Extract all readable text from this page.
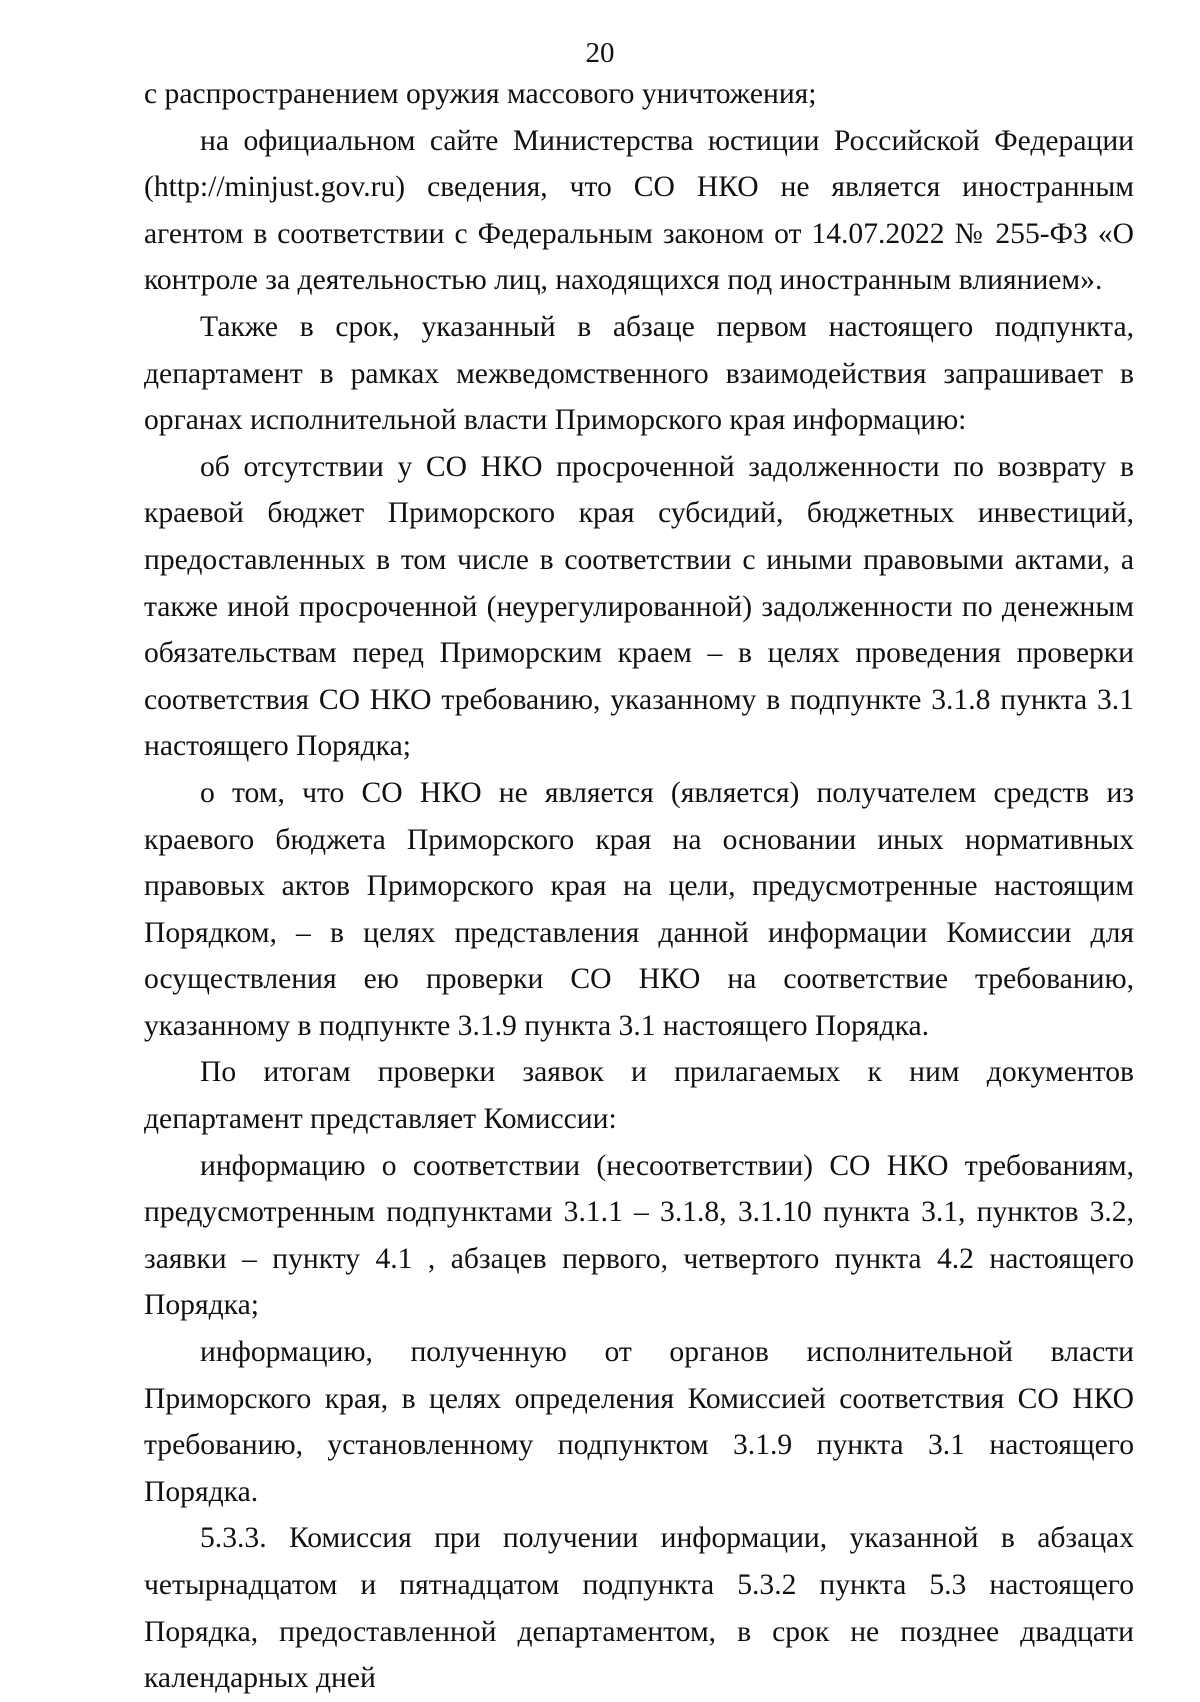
20

с распространением оружия массового уничтожения;

на официальном сайте Министерства юстиции Российской Федерации (http://minjust.gov.ru) сведения, что СО НКО не является иностранным агентом в соответствии с Федеральным законом от 14.07.2022 № 255-ФЗ «О контроле за деятельностью лиц, находящихся под иностранным влиянием».

Также в срок, указанный в абзаце первом настоящего подпункта, департамент в рамках межведомственного взаимодействия запрашивает в органах исполнительной власти Приморского края информацию:

об отсутствии у СО НКО просроченной задолженности по возврату в краевой бюджет Приморского края субсидий, бюджетных инвестиций, предоставленных в том числе в соответствии с иными правовыми актами, а также иной просроченной (неурегулированной) задолженности по денежным обязательствам перед Приморским краем – в целях проведения проверки соответствия СО НКО требованию, указанному в подпункте 3.1.8 пункта 3.1 настоящего Порядка;

о том, что СО НКО не является (является) получателем средств из краевого бюджета Приморского края на основании иных нормативных правовых актов Приморского края на цели, предусмотренные настоящим Порядком, – в целях представления данной информации Комиссии для осуществления ею проверки СО НКО на соответствие требованию, указанному в подпункте 3.1.9 пункта 3.1 настоящего Порядка.

По итогам проверки заявок и прилагаемых к ним документов департамент представляет Комиссии:

информацию о соответствии (несоответствии) СО НКО требованиям, предусмотренным подпунктами 3.1.1 – 3.1.8, 3.1.10 пункта 3.1, пунктов 3.2, заявки – пункту 4.1 , абзацев первого, четвертого пункта 4.2 настоящего Порядка;

информацию, полученную от органов исполнительной власти Приморского края, в целях определения Комиссией соответствия СО НКО требованию, установленному подпунктом 3.1.9 пункта 3.1 настоящего Порядка.

5.3.3. Комиссия при получении информации, указанной в абзацах четырнадцатом и пятнадцатом подпункта 5.3.2 пункта 5.3 настоящего Порядка, предоставленной департаментом, в срок не позднее двадцати календарных дней
